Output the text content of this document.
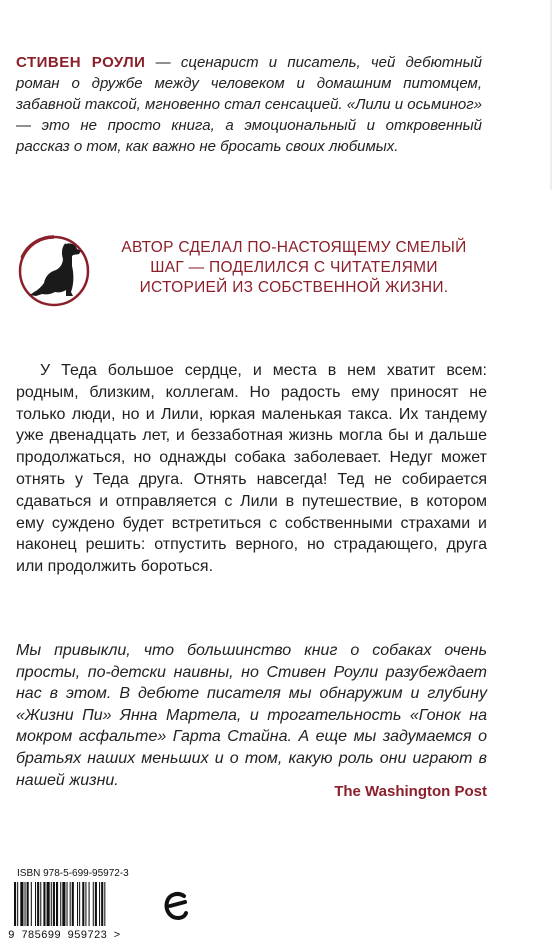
СТИВЕН РОУЛИ — сценарист и писатель, чей дебютный роман о дружбе между человеком и домашним питомцем, забавной таксой, мгновенно стал сенсацией. «Лили и осьминог» — это не просто книга, а эмоциональный и откровенный рассказ о том, как важно не бросать своих любимых.
АВТОР СДЕЛАЛ ПО-НАСТОЯЩЕМУ СМЕЛЫЙ
ШАГ — ПОДЕЛИЛСЯ С ЧИТАТЕЛЯМИ
ИСТОРИЕЙ ИЗ СОБСТВЕННОЙ ЖИЗНИ.

У Теда большое сердце, и места в нем хватит всем: родным, близким, коллегам. Но радость ему приносят не только люди, но и Лили, юркая маленькая такса. Их тандему уже двенадцать лет, и беззаботная жизнь могла бы и дальше продолжаться, но однажды собака заболевает. Недуг может отнять у Теда друга. Отнять навсегда! Тед не собирается сдаваться и отправляется с Лили в путешествие, в котором ему суждено будет встретиться с собственными страхами и наконец решить: отпустить верного, но страдающего, друга или продолжить бороться.

Мы привыкли, что большинство книг о собаках очень просты, по-детски наивны, но Стивен Роули разубеждает нас в этом. В дебюте писателя мы обнаружим и глубину «Жизни Пи» Янна Мартела, и трогательность «Гонок на мокром асфальте» Гарта Стайна. А еще мы задумаемся о братьях наших меньших и о том, какую роль они играют в нашей жизни.
The Washington Post
ISBN 978-5-699-95972-3
9 785699 959723 >
